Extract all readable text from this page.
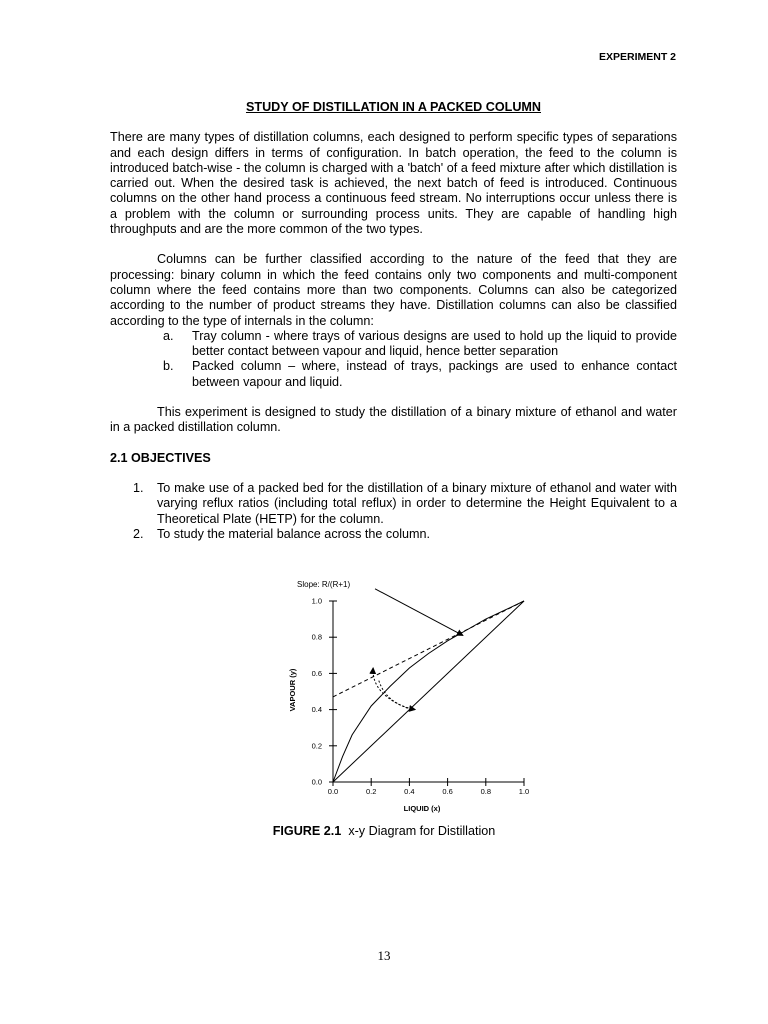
EXPERIMENT 2
STUDY OF DISTILLATION IN A PACKED COLUMN

There are many types of distillation columns, each designed to perform specific types of separations and each design differs in terms of configuration. In batch operation, the feed to the column is introduced batch-wise - the column is charged with a 'batch' of a feed mixture after which distillation is carried out. When the desired task is achieved, the next batch of feed is introduced. Continuous columns on the other hand process a continuous feed stream. No interruptions occur unless there is a problem with the column or surrounding process units. They are capable of handling high throughputs and are the more common of the two types.

Columns can be further classified according to the nature of the feed that they are processing: binary column in which the feed contains only two components and multi-component column where the feed contains more than two components. Columns can also be categorized according to the number of product streams they have. Distillation columns can also be classified according to the type of internals in the column:

a. Tray column - where trays of various designs are used to hold up the liquid to provide better contact between vapour and liquid, hence better separation
b. Packed column – where, instead of trays, packings are used to enhance contact between vapour and liquid.

This experiment is designed to study the distillation of a binary mixture of ethanol and water in a packed distillation column.

2.1 OBJECTIVES
1. To make use of a packed bed for the distillation of a binary mixture of ethanol and water with varying reflux ratios (including total reflux) in order to determine the Height Equivalent to a Theoretical Plate (HETP) for the column.
2. To study the material balance across the column.
0.0	0.2	0.4	0.6	0.8	1.0
0.0
0.2
0.4
0.6
0.8
1.0
Slope: R/(R+1)
LIQUID (x)
VAPOUR (y)
FIGURE 2.1 x-y Diagram for Distillation
13
